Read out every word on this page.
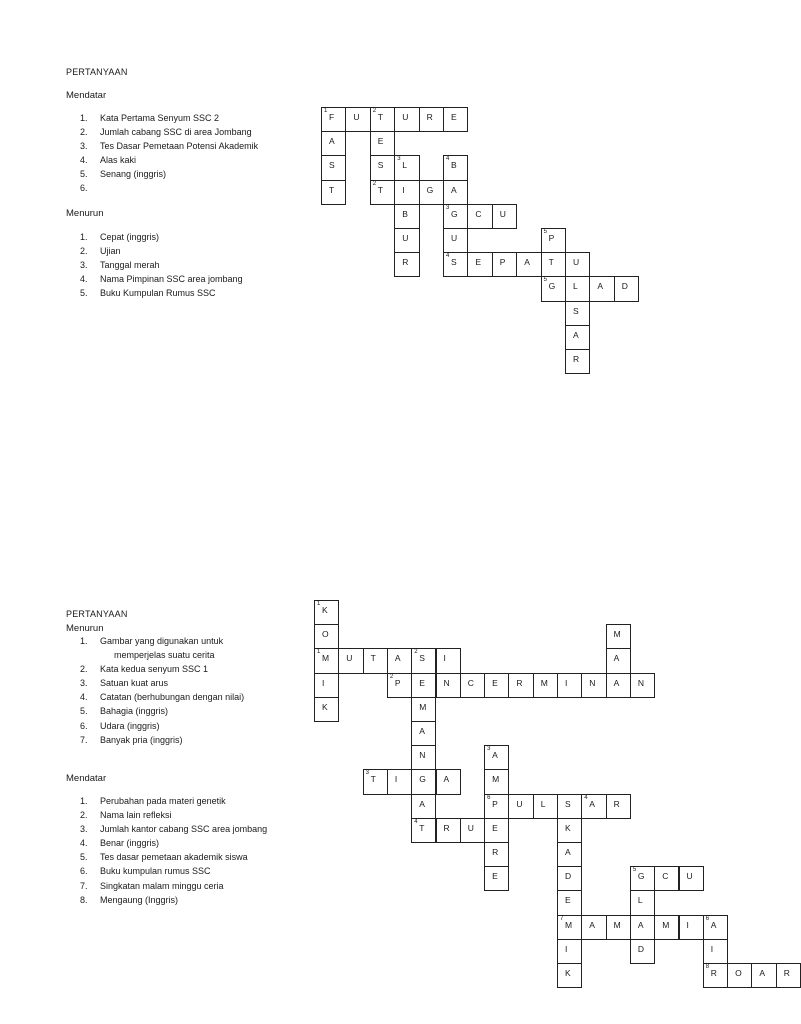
PERTANYAAN
Mendatar
1. Kata Pertama Senyum SSC 2
2. Jumlah cabang SSC di area Jombang
3. Tes Dasar Pemetaan Potensi Akademik
4. Alas kaki
5. Senang (inggris)
6.
Menurun
1. Cepat (inggris)
2. Ujian
3. Tanggal merah
4. Nama Pimpinan SSC area jombang
5. Buku Kumpulan Rumus SSC
1
F U
2
T U R E
A	E
S	S
3
L
4
B
T
2
T I	G A
B
3
G C U
U	U
5
P
R
4
S E P A T U
5
G L A D
S
A
R
PERTANYAAN
Menurun
1. Gambar yang digunakan untuk
memperjelas suatu cerita
2. Kata kedua senyum SSC 1
3. Satuan kuat arus
4. Catatan (berhubungan dengan nilai)
5. Bahagia (inggris)
6. Udara (inggris)
7. Banyak pria (inggris)
Mendatar
1. Perubahan pada materi genetik
2. Nama lain refleksi
3. Jumlah kantor cabang SSC area jombang
4. Benar (inggris)
5. Tes dasar pemetaan akademik siswa
6. Buku kumpulan rumus SSC
7. Singkatan malam minggu ceria
8. Mengaung (Inggris)
1
K
O	M
1
M U T A
2
S I	A
I
2
P E N C E R M I	N A N
K	M
A
N
3
A
3
T I	G A	M
A
6
P U L S
4
A R
4
T R U E	K
R	A
E	D
5
G C U
E	L
7
M A M A M I
6
A
I	D	I
K
8
R O A R
